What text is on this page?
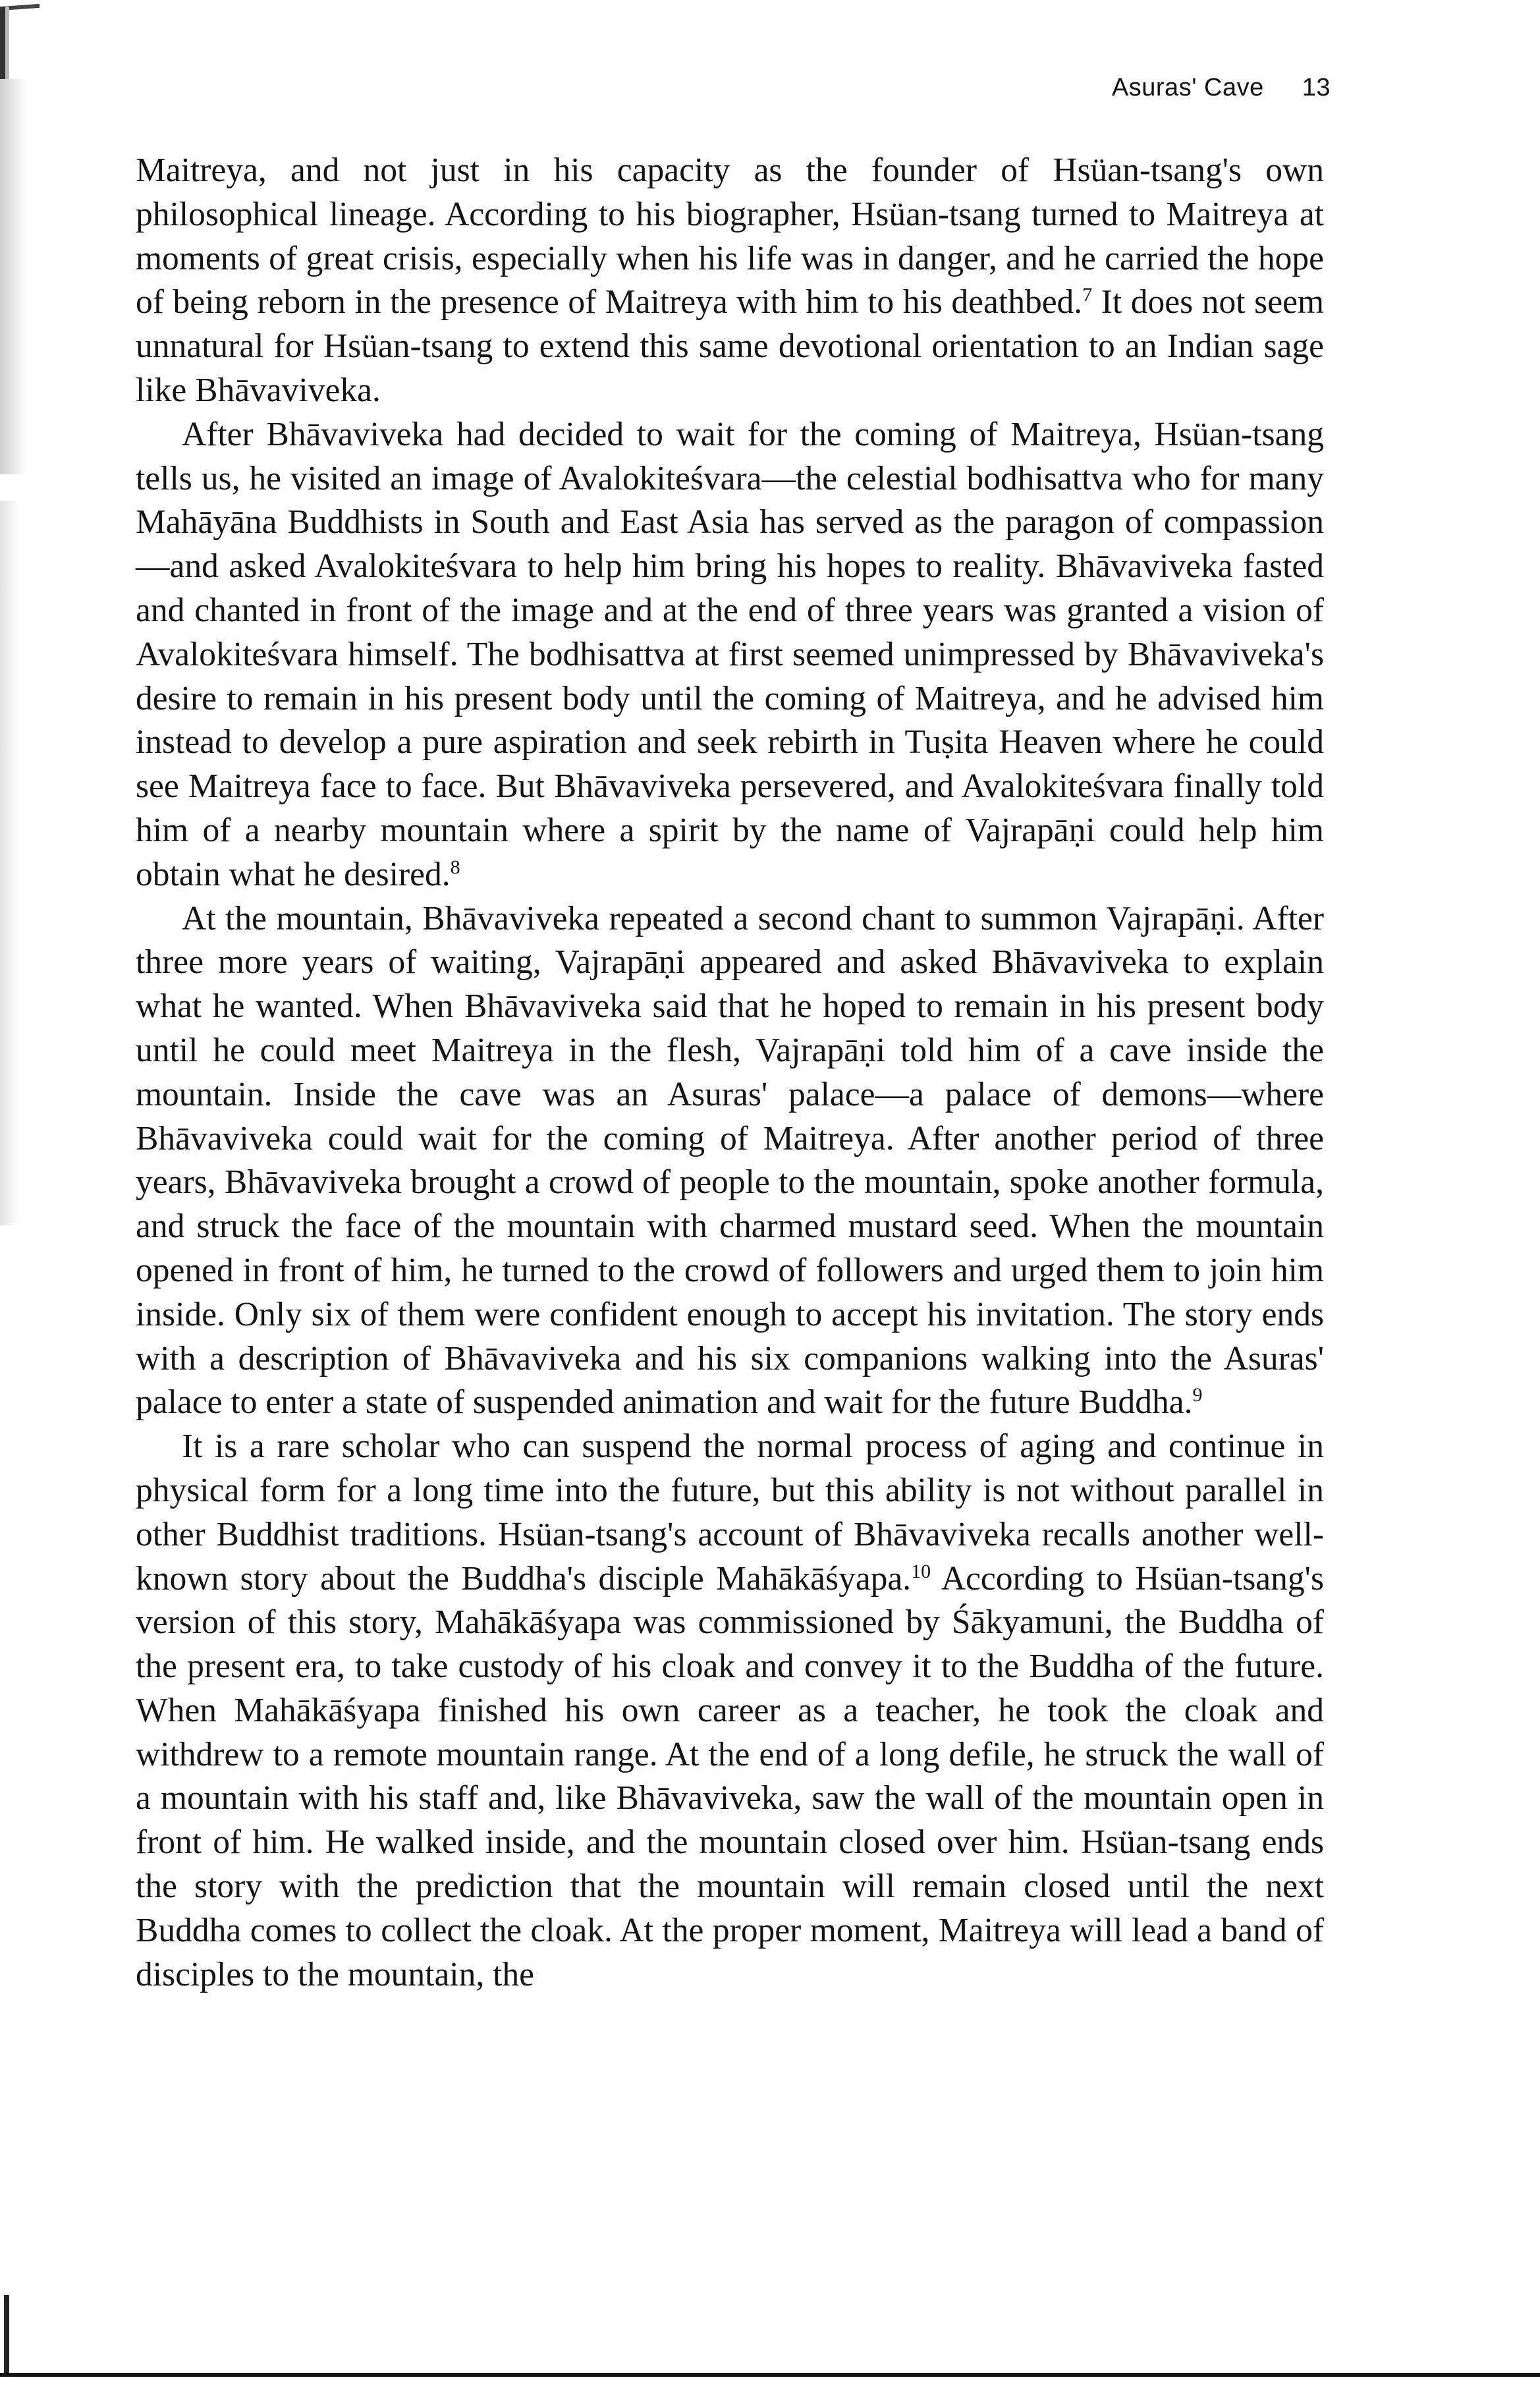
Asuras' Cave 13

Maitreya, and not just in his capacity as the founder of Hsüan-tsang's own philosophical lineage. According to his biographer, Hsüan-tsang turned to Maitreya at moments of great crisis, especially when his life was in danger, and he carried the hope of being reborn in the presence of Maitreya with him to his deathbed.$^7$ It does not seem unnatural for Hsüan-tsang to extend this same devotional orientation to an Indian sage like Bhāvaviveka.

After Bhāvaviveka had decided to wait for the coming of Maitreya, Hsüan-tsang tells us, he visited an image of Avalokiteśvara—the celestial bodhisattva who for many Mahāyāna Buddhists in South and East Asia has served as the paragon of compassion—and asked Avalokiteśvara to help him bring his hopes to reality. Bhāvaviveka fasted and chanted in front of the image and at the end of three years was granted a vision of Avalokiteśvara himself. The bodhisattva at first seemed unimpressed by Bhāvaviveka's desire to remain in his present body until the coming of Maitreya, and he advised him instead to develop a pure aspiration and seek rebirth in Tuṣita Heaven where he could see Maitreya face to face. But Bhāvaviveka persevered, and Avalokiteśvara finally told him of a nearby mountain where a spirit by the name of Vajrapāṇi could help him obtain what he desired.$^8$

At the mountain, Bhāvaviveka repeated a second chant to summon Vajrapāṇi. After three more years of waiting, Vajrapāṇi appeared and asked Bhāvaviveka to explain what he wanted. When Bhāvaviveka said that he hoped to remain in his present body until he could meet Maitreya in the flesh, Vajrapāṇi told him of a cave inside the mountain. Inside the cave was an Asuras' palace—a palace of demons—where Bhāvaviveka could wait for the coming of Maitreya. After another period of three years, Bhāvaviveka brought a crowd of people to the mountain, spoke another formula, and struck the face of the mountain with charmed mustard seed. When the mountain opened in front of him, he turned to the crowd of followers and urged them to join him inside. Only six of them were confident enough to accept his invitation. The story ends with a description of Bhāvaviveka and his six companions walking into the Asuras' palace to enter a state of suspended animation and wait for the future Buddha.$^9$

It is a rare scholar who can suspend the normal process of aging and continue in physical form for a long time into the future, but this ability is not without parallel in other Buddhist traditions. Hsüan-tsang's account of Bhāvaviveka recalls another well-known story about the Buddha's disciple Mahākāśyapa.$^{10}$ According to Hsüan-tsang's version of this story, Mahākāśyapa was commissioned by Śākyamuni, the Buddha of the present era, to take custody of his cloak and convey it to the Buddha of the future. When Mahākāśyapa finished his own career as a teacher, he took the cloak and withdrew to a remote mountain range. At the end of a long defile, he struck the wall of a mountain with his staff and, like Bhāvaviveka, saw the wall of the mountain open in front of him. He walked inside, and the mountain closed over him. Hsüan-tsang ends the story with the prediction that the mountain will remain closed until the next Buddha comes to collect the cloak. At the proper moment, Maitreya will lead a band of disciples to the mountain, the
